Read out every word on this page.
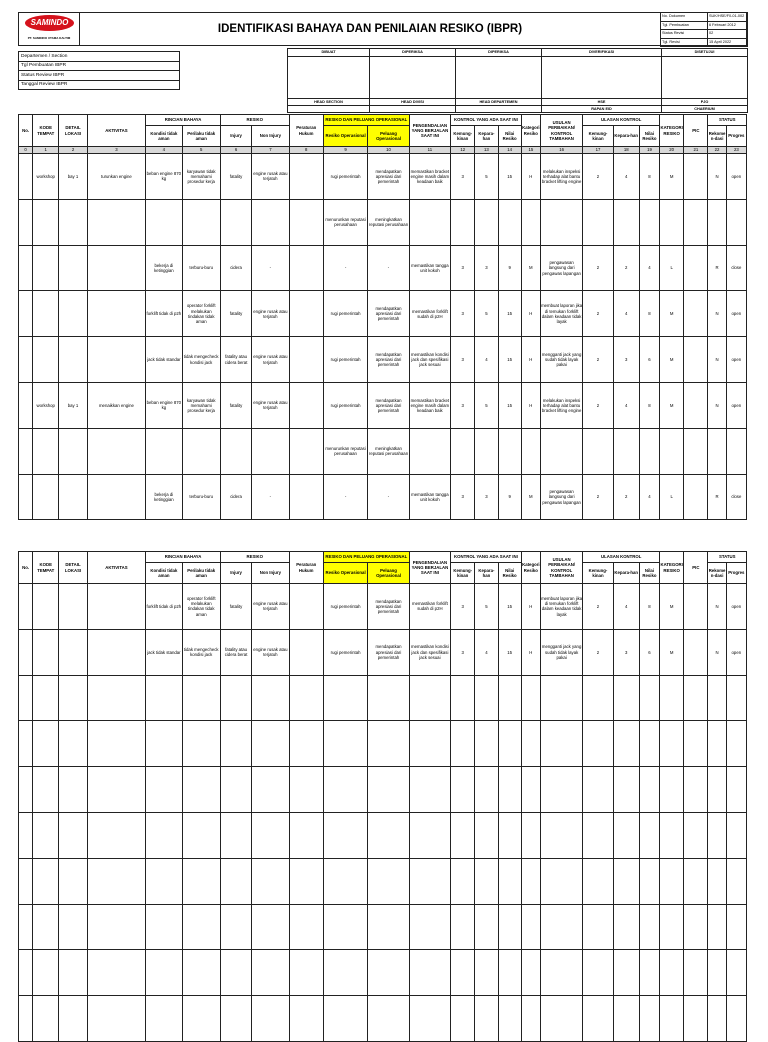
SAMINDO
PT. SAMINDO UTAMA KALTIM
IDENTIFIKASI BAHAYA DAN PENILAIAN RESIKO (IBPR)
No. Dokumen	SUK/HSE/F0-01-002
Tgl. Pembuatan	6 Februari 2012
Status Revisi	02
Tgl. Revisi	15 April 2022
Departemen / Section
Tgl Pembuatan IBPR
Status Review IBPR
Tanggal Review IBPR
DIBUAT	DIPERIKSA	DIPERIKSA	DIVERIFIKASI	DISETUJUI

HEAD SECTION	HEAD DIVISI	HEAD DEPARTEMEN	HSE	PJO
			RAPAN EID	CHAERIUM
No.	KODE TEMPAT	DETAIL LOKASI	AKTIVITAS	RINCIAN BAHAYA		RESIKO		Peraturan Hukum	RESIKO DAN PELUANG OPERASIONAL		PENGENDALIAN YANG BERJALAN SAAT INI	KONTROL YANG ADA SAAT INI			Kategori Resiko	USULAN PERBAIKAN/ KONTROL TAMBAHAN	ULASAN KONTROL			KATEGORI RESIKO	PIC	STATUS	
				Kondisi tidak aman	Perilaku tidak aman	Injury	Non Injury		Resiko Operasional	Peluang Operasional		Kemung-kinan	Kepara-han	Nilai Resiko			Kemung-kinan	Kepara-han	Nilai Resiko			Rekomen-dasi	Progres
0	1	2	3	4	5	6	7	8	9	10	11	12	13	14	15	16	17	18	19	20	21	22	23
	workshop	bay 1	turunkan engine	beban engine 870 kg	karyawan tidak memahami prosedur kerja	fatality	engine rusak atau terjatuh		rugi pemerintah	mendapatkan apresiasi dari pemerintah	memastikan bracket engine masih dalam keadaan baik	3	5	15	H	melakukan inspeksi terhadap alat bantu bracket lifting engine	2	4	8	M		N	open
									menurunkan reputasi perusahaan	meningkatkan reputasi perusahaan													
				bekerja di ketinggian	terburu-buru	cidera	-		-	-	memastikan tangga unit kokoh	3	3	9	M	pengawasan langsung dari pengawas lapangan	2	2	4	L		R	close
				forklift tidak di p2h	operator forklift melakukan tindakan tidak aman	fatality	engine rusak atau terjatuh		rugi pemerintah	mendapatkan apresiasi dari pemerintah	memastikan forklift sudah di p2H	3	5	15	H	membuat laporan jika di temukan forklift dalam keadaan tidak layak	2	4	8	M		N	open
				jack tidak standar	tidak mengecheck kondisi jack	fatality atau cidera berat	engine rusak atau terjatuh		rugi pemerintah	mendapatkan apresiasi dari pemerintah	memastikan kondisi jack dan spesifikasi jack sesuai	3	4	15	H	mengganti jack yang sudah tidak layak pakai	2	3	6	M		N	open
	workshop	bay 1	menaikkan engine	beban engine 870 kg	karyawan tidak memahami prosedur kerja	fatality	engine rusak atau terjatuh		rugi pemerintah	mendapatkan apresiasi dari pemerintah	memastikan bracket engine masih dalam keadaan baik	3	5	15	H	melakukan inspeksi terhadap alat bantu bracket lifting engine	2	4	8	M		N	open
									menurunkan reputasi perusahaan	meningkatkan reputasi perusahaan													
				bekerja di ketinggian	terburu-buru	cidera	-		-	-	memastikan tangga unit kokoh	3	3	9	M	pengawasan langsung dari pengawas lapangan	2	2	4	L		R	close
No.	KODE TEMPAT	DETAIL LOKASI	AKTIVITAS	RINCIAN BAHAYA		RESIKO		Peraturan Hukum	RESIKO DAN PELUANG OPERASIONAL		PENGENDALIAN YANG BERJALAN SAAT INI	KONTROL YANG ADA SAAT INI			Kategori Resiko	USULAN PERBAIKAN/ KONTROL TAMBAHAN	ULASAN KONTROL			KATEGORI RESIKO	PIC	STATUS	
				Kondisi tidak aman	Perilaku tidak aman	Injury	Non Injury		Resiko Operasional	Peluang Operasional		Kemung-kinan	Kepara-han	Nilai Resiko			Kemung-kinan	Kepara-han	Nilai Resiko			Rekomen-dasi	Progres
				forklift tidak di p2h	operator forklift melakukan tindakan tidak aman	fatality	engine rusak atau terjatuh		rugi pemerintah	mendapatkan apresiasi dari pemerintah	memastikan forklift sudah di p2H	3	5	15	H	membuat laporan jika di temukan forklift dalam keadaan tidak layak	2	4	8	M		N	open
				jack tidak standar	tidak mengecheck kondisi jack	fatality atau cidera berat	engine rusak atau terjatuh		rugi pemerintah	mendapatkan apresiasi dari pemerintah	memastikan kondisi jack dan spesifikasi jack sesuai	3	4	15	H	mengganti jack yang sudah tidak layak pakai	2	3	6	M		N	open
